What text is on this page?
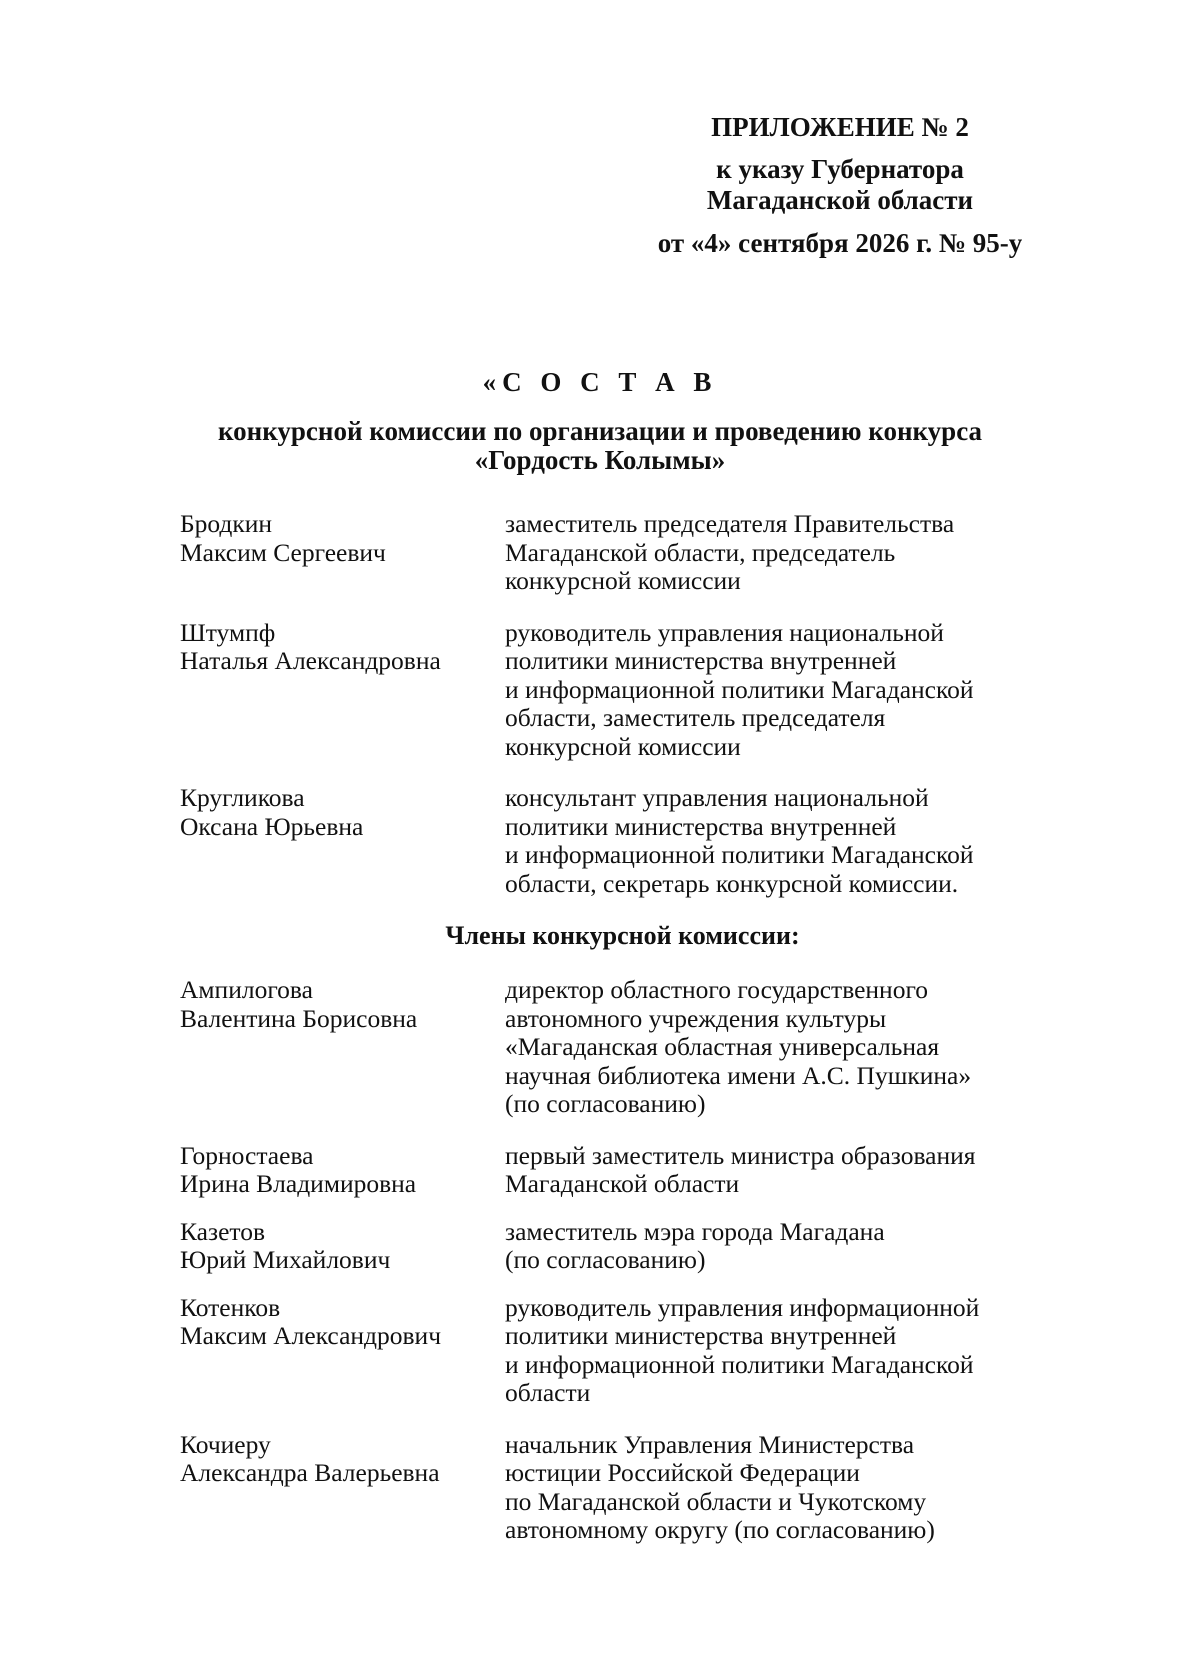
ПРИЛОЖЕНИЕ № 2
к указу Губернатора
Магаданской области
от «4» сентября 2026 г. № 95-у
«С О С Т А В
конкурсной комиссии по организации и проведению конкурса
«Гордость Колымы»
Бродкин
Максим Сергеевич
заместитель председателя Правительства
Магаданской области, председатель
конкурсной комиссии
Штумпф
Наталья Александровна
руководитель управления национальной
политики министерства внутренней
и информационной политики Магаданской
области, заместитель председателя
конкурсной комиссии
Кругликова
Оксана Юрьевна
консультант управления национальной
политики министерства внутренней
и информационной политики Магаданской
области, секретарь конкурсной комиссии.
Члены конкурсной комиссии:
Ампилогова
Валентина Борисовна
директор областного государственного
автономного учреждения культуры
«Магаданская областная универсальная
научная библиотека имени А.С. Пушкина»
(по согласованию)
Горностаева
Ирина Владимировна
первый заместитель министра образования
Магаданской области
Казетов
Юрий Михайлович
заместитель мэра города Магадана
(по согласованию)
Котенков
Максим Александрович
руководитель управления информационной
политики министерства внутренней
и информационной политики Магаданской
области
Кочиеру
Александра Валерьевна
начальник Управления Министерства
юстиции Российской Федерации
по Магаданской области и Чукотскому
автономному округу (по согласованию)
